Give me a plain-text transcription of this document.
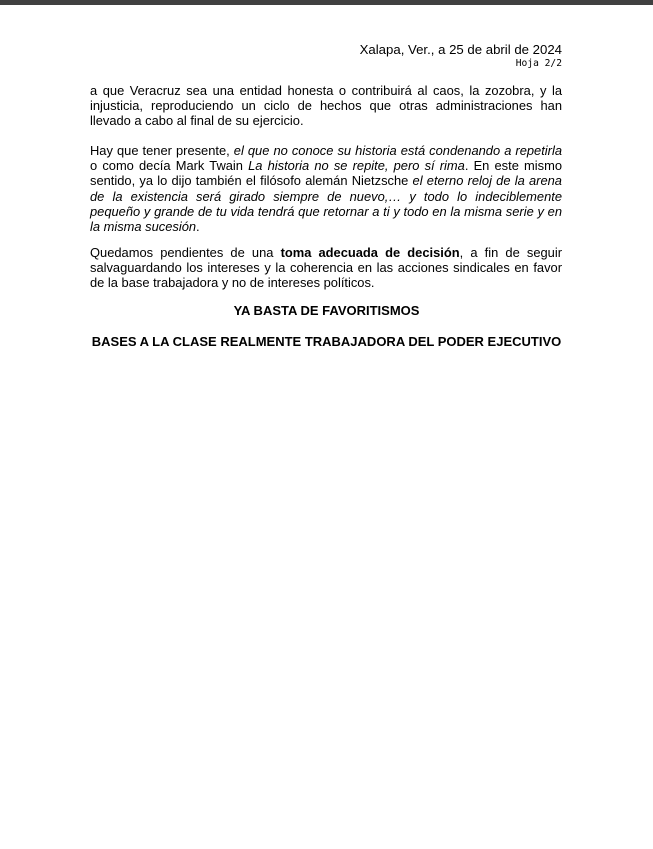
Xalapa, Ver., a 25 de abril de 2024
Hoja 2/2

a que Veracruz sea una entidad honesta o contribuirá al caos, la zozobra, y la injusticia, reproduciendo un ciclo de hechos que otras administraciones han llevado a cabo al final de su ejercicio.

Hay que tener presente, el que no conoce su historia está condenando a repetirla o como decía Mark Twain La historia no se repite, pero sí rima. En este mismo sentido, ya lo dijo también el filósofo alemán Nietzsche el eterno reloj de la arena de la existencia será girado siempre de nuevo,… y todo lo indeciblemente pequeño y grande de tu vida tendrá que retornar a ti y todo en la misma serie y en la misma sucesión.

Quedamos pendientes de una toma adecuada de decisión, a fin de seguir salvaguardando los intereses y la coherencia en las acciones sindicales en favor de la base trabajadora y no de intereses políticos.

YA BASTA DE FAVORITISMOS

BASES A LA CLASE REALMENTE TRABAJADORA DEL PODER EJECUTIVO
